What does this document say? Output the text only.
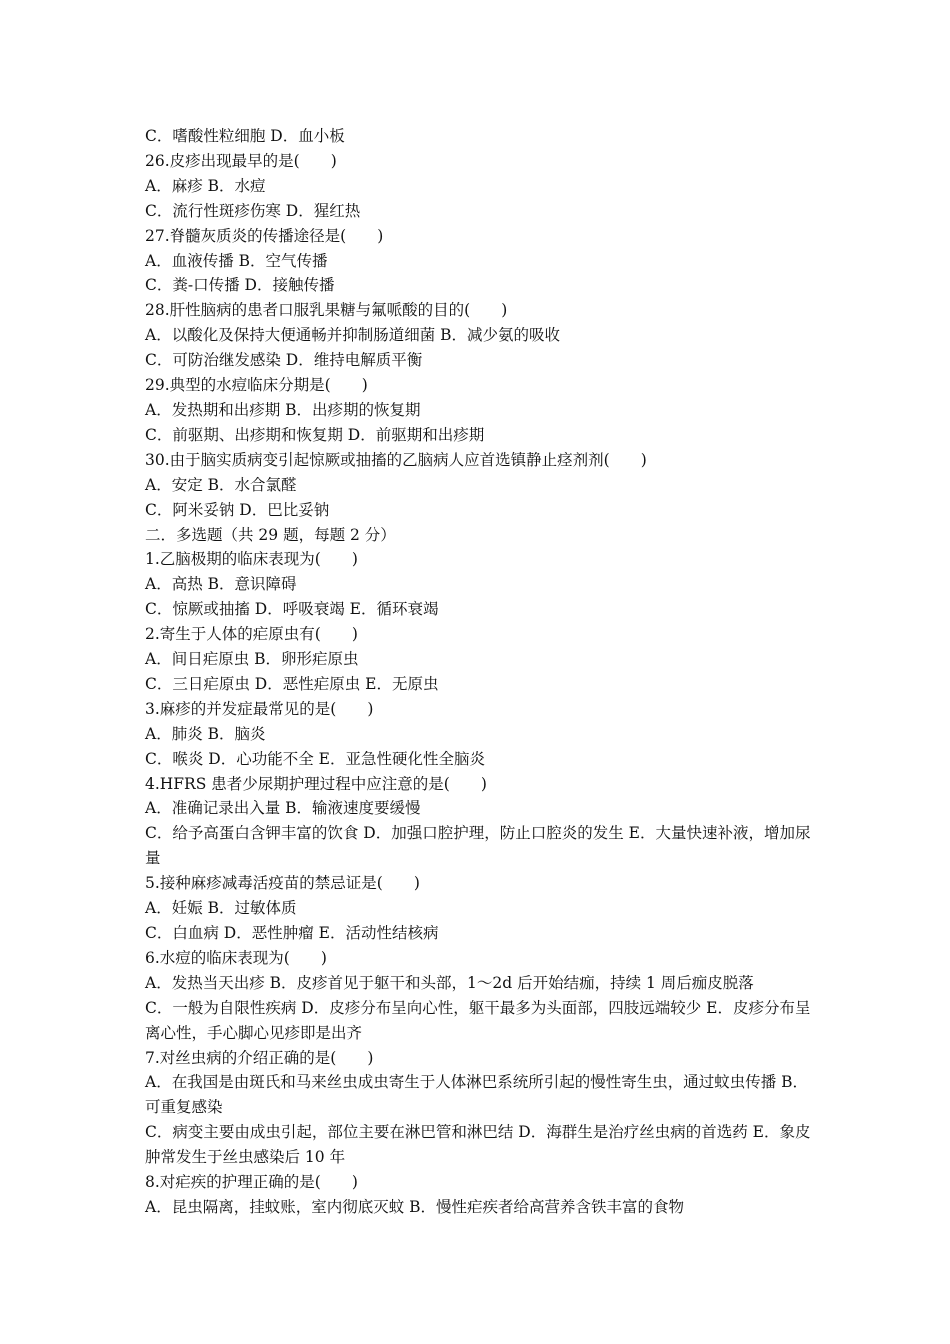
C．嗜酸性粒细胞 D．血小板
26.皮疹出现最早的是(　　)
A．麻疹 B．水痘
C．流行性斑疹伤寒 D．猩红热
27.脊髓灰质炎的传播途径是(　　)
A．血液传播 B．空气传播
C．粪-口传播 D．接触传播
28.肝性脑病的患者口服乳果糖与氟哌酸的目的(　　)
A．以酸化及保持大便通畅并抑制肠道细菌 B．减少氨的吸收
C．可防治继发感染 D．维持电解质平衡
29.典型的水痘临床分期是(　　)
A．发热期和出疹期 B．出疹期的恢复期
C．前驱期、出疹期和恢复期 D．前驱期和出疹期
30.由于脑实质病变引起惊厥或抽搐的乙脑病人应首选镇静止痉剂剂(　　)
A．安定 B．水合氯醛
C．阿米妥钠 D．巴比妥钠
二．多选题（共 29 题，每题 2 分）
1.乙脑极期的临床表现为(　　)
A．高热 B．意识障碍
C．惊厥或抽搐 D．呼吸衰竭 E．循环衰竭
2.寄生于人体的疟原虫有(　　)
A．间日疟原虫 B．卵形疟原虫
C．三日疟原虫 D．恶性疟原虫 E．无原虫
3.麻疹的并发症最常见的是(　　)
A．肺炎 B．脑炎
C．喉炎 D．心功能不全 E．亚急性硬化性全脑炎
4.HFRS 患者少尿期护理过程中应注意的是(　　)
A．准确记录出入量 B．输液速度要缓慢
C．给予高蛋白含钾丰富的饮食 D．加强口腔护理，防止口腔炎的发生 E．大量快速补液，增加尿量
5.接种麻疹减毒活疫苗的禁忌证是(　　)
A．妊娠 B．过敏体质
C．白血病 D．恶性肿瘤 E．活动性结核病
6.水痘的临床表现为(　　)
A．发热当天出疹 B．皮疹首见于躯干和头部，1～2d 后开始结痂，持续 1 周后痂皮脱落
C．一般为自限性疾病 D．皮疹分布呈向心性，躯干最多为头面部，四肢远端较少 E．皮疹分布呈离心性，手心脚心见疹即是出齐
7.对丝虫病的介绍正确的是(　　)
A．在我国是由斑氏和马来丝虫成虫寄生于人体淋巴系统所引起的慢性寄生虫，通过蚊虫传播 B．可重复感染
C．病变主要由成虫引起，部位主要在淋巴管和淋巴结 D．海群生是治疗丝虫病的首选药 E．象皮肿常发生于丝虫感染后 10 年
8.对疟疾的护理正确的是(　　)
A．昆虫隔离，挂蚊账，室内彻底灭蚊 B．慢性疟疾者给高营养含铁丰富的食物
